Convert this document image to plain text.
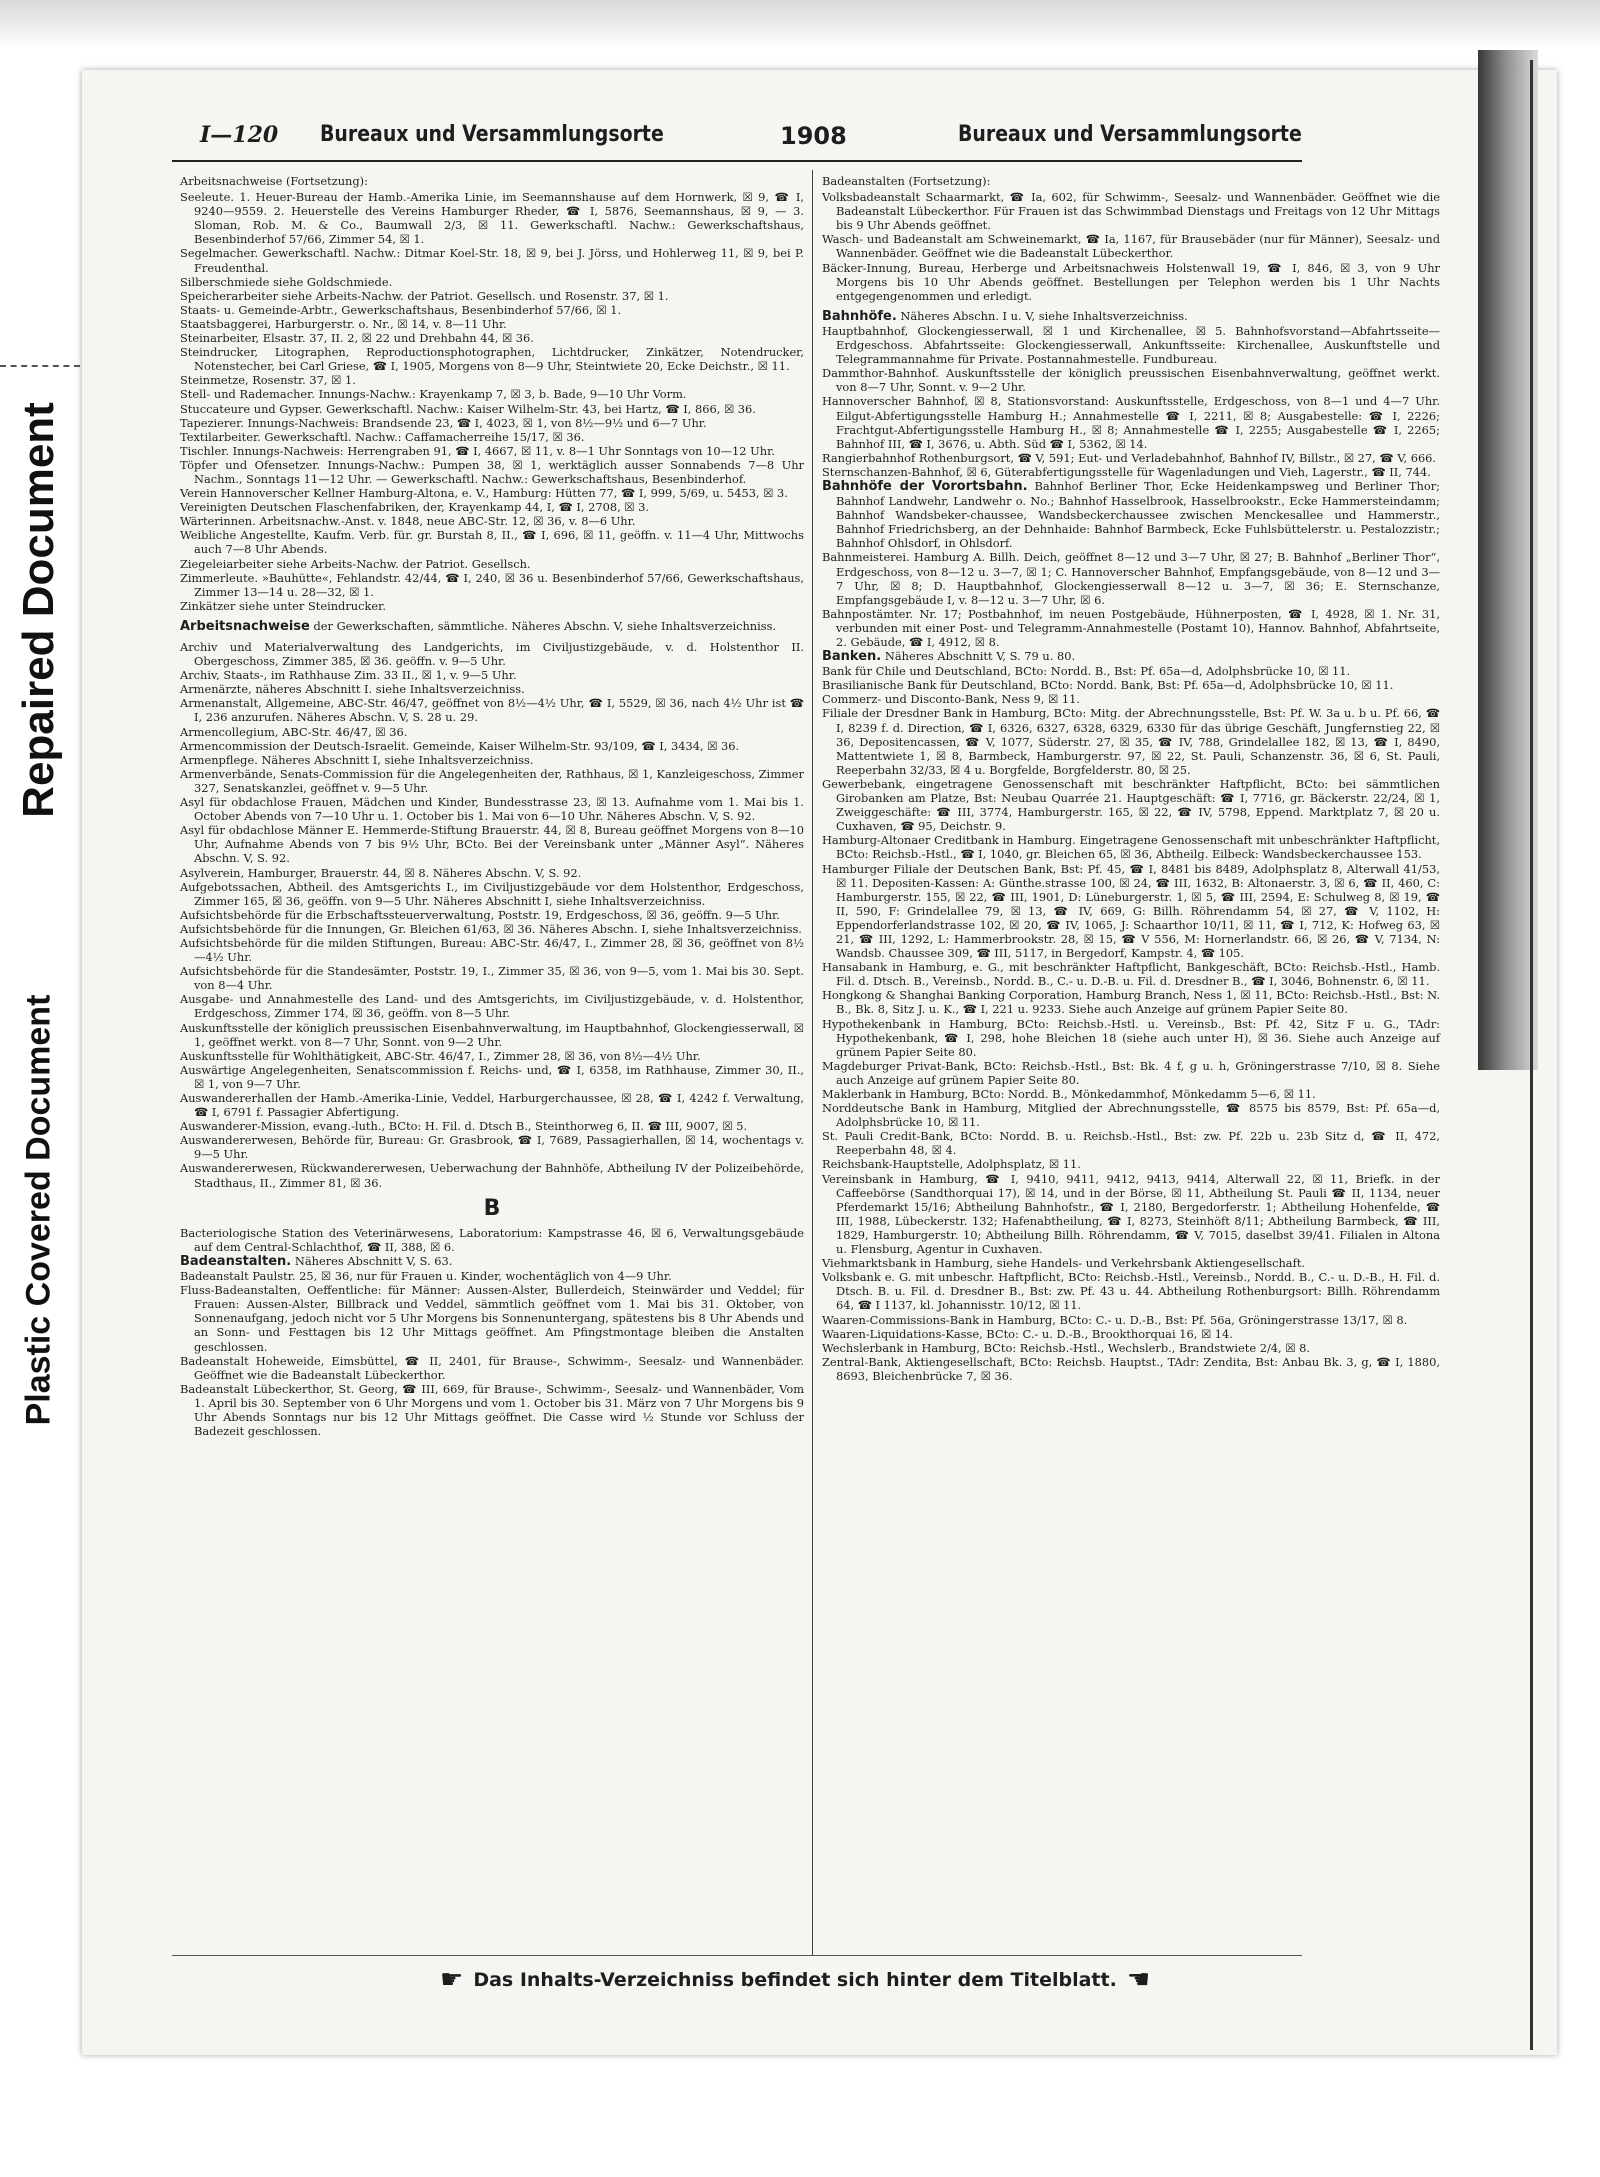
Plastic Covered Document
Repaired Document
I—120 Bureaux und Versammlungsorte	1908	Bureaux und Versammlungsorte

Arbeitsnachweise (Fortsetzung):

Seeleute. 1. Heuer-Bureau der Hamb.-Amerika Linie, im Seemannshause auf dem Hornwerk, ☒ 9, ☎ I, 9240—9559. 2. Heuerstelle des Vereins Hamburger Rheder, ☎ I, 5876, Seemannshaus, ☒ 9, — 3. Sloman, Rob. M. & Co., Baumwall 2/3, ☒ 11. Gewerkschaftl. Nachw.: Gewerkschaftshaus, Besenbinderhof 57/66, Zimmer 54, ☒ 1.

Segelmacher. Gewerkschaftl. Nachw.: Ditmar Koel-Str. 18, ☒ 9, bei J. Jörss, und Hohlerweg 11, ☒ 9, bei P. Freudenthal.

Silberschmiede siehe Goldschmiede.

Speicherarbeiter siehe Arbeits-Nachw. der Patriot. Gesellsch. und Rosenstr. 37, ☒ 1.

Staats- u. Gemeinde-Arbtr., Gewerkschaftshaus, Besenbinderhof 57/66, ☒ 1.

Staatsbaggerei, Harburgerstr. o. Nr., ☒ 14, v. 8—11 Uhr.

Steinarbeiter, Elsastr. 37, II. 2, ☒ 22 und Drehbahn 44, ☒ 36.

Steindrucker, Litographen, Reproductionsphotographen, Lichtdrucker, Zinkätzer, Notendrucker, Notenstecher, bei Carl Griese, ☎ I, 1905, Morgens von 8—9 Uhr, Steintwiete 20, Ecke Deichstr., ☒ 11.

Steinmetze, Rosenstr. 37, ☒ 1.

Stell- und Rademacher. Innungs-Nachw.: Krayenkamp 7, ☒ 3, b. Bade, 9—10 Uhr Vorm.

Stuccateure und Gypser. Gewerkschaftl. Nachw.: Kaiser Wilhelm-Str. 43, bei Hartz, ☎ I, 866, ☒ 36.

Tapezierer. Innungs-Nachweis: Brandsende 23, ☎ I, 4023, ☒ 1, von 8½—9½ und 6—7 Uhr.

Textilarbeiter. Gewerkschaftl. Nachw.: Caffamacherreihe 15/17, ☒ 36.

Tischler. Innungs-Nachweis: Herrengraben 91, ☎ I, 4667, ☒ 11, v. 8—1 Uhr Sonntags von 10—12 Uhr.

Töpfer und Ofensetzer. Innungs-Nachw.: Pumpen 38, ☒ 1, werktäglich ausser Sonnabends 7—8 Uhr Nachm., Sonntags 11—12 Uhr. — Gewerkschaftl. Nachw.: Gewerkschaftshaus, Besenbinderhof.

Verein Hannoverscher Kellner Hamburg-Altona, e. V., Hamburg: Hütten 77, ☎ I, 999, 5/69, u. 5453, ☒ 3.

Vereinigten Deutschen Flaschenfabriken, der, Krayenkamp 44, I, ☎ I, 2708, ☒ 3.

Wärterinnen. Arbeitsnachw.-Anst. v. 1848, neue ABC-Str. 12, ☒ 36, v. 8—6 Uhr.

Weibliche Angestellte, Kaufm. Verb. für. gr. Burstah 8, II., ☎ I, 696, ☒ 11, geöffn. v. 11—4 Uhr, Mittwochs auch 7—8 Uhr Abends.

Ziegeleiarbeiter siehe Arbeits-Nachw. der Patriot. Gesellsch.

Zimmerleute. »Bauhütte«, Fehlandstr. 42/44, ☎ I, 240, ☒ 36 u. Besenbinderhof 57/66, Gewerkschaftshaus, Zimmer 13—14 u. 28—32, ☒ 1.

Zinkätzer siehe unter Steindrucker.

Arbeitsnachweise der Gewerkschaften, sämmtliche. Näheres Abschn. V, siehe Inhaltsverzeichniss.

Archiv und Materialverwaltung des Landgerichts, im Civiljustizgebäude, v. d. Holstenthor II. Obergeschoss, Zimmer 385, ☒ 36. geöffn. v. 9—5 Uhr.

Archiv, Staats-, im Rathhause Zim. 33 II., ☒ 1, v. 9—5 Uhr.

Armenärzte, näheres Abschnitt I. siehe Inhaltsverzeichniss.

Armenanstalt, Allgemeine, ABC-Str. 46/47, geöffnet von 8½—4½ Uhr, ☎ I, 5529, ☒ 36, nach 4½ Uhr ist ☎ I, 236 anzurufen. Näheres Abschn. V, S. 28 u. 29.

Armencollegium, ABC-Str. 46/47, ☒ 36.

Armencommission der Deutsch-Israelit. Gemeinde, Kaiser Wilhelm-Str. 93/109, ☎ I, 3434, ☒ 36.

Armenpflege. Näheres Abschnitt I, siehe Inhaltsverzeichniss.

Armenverbände, Senats-Commission für die Angelegenheiten der, Rathhaus, ☒ 1, Kanzleigeschoss, Zimmer 327, Senatskanzlei, geöffnet v. 9—5 Uhr.

Asyl für obdachlose Frauen, Mädchen und Kinder, Bundesstrasse 23, ☒ 13. Aufnahme vom 1. Mai bis 1. October Abends von 7—10 Uhr u. 1. October bis 1. Mai von 6—10 Uhr. Näheres Abschn. V, S. 92.

Asyl für obdachlose Männer E. Hemmerde-Stiftung Brauerstr. 44, ☒ 8, Bureau geöffnet Morgens von 8—10 Uhr, Aufnahme Abends von 7 bis 9½ Uhr, BCto. Bei der Vereinsbank unter „Männer Asyl“. Näheres Abschn. V, S. 92.

Asylverein, Hamburger, Brauerstr. 44, ☒ 8. Näheres Abschn. V, S. 92.

Aufgebotssachen, Abtheil. des Amtsgerichts I., im Civiljustizgebäude vor dem Holstenthor, Erdgeschoss, Zimmer 165, ☒ 36, geöffn. von 9—5 Uhr. Näheres Abschnitt I, siehe Inhaltsverzeichniss.

Aufsichtsbehörde für die Erbschaftssteuerverwaltung, Poststr. 19, Erdgeschoss, ☒ 36, geöffn. 9—5 Uhr.

Aufsichtsbehörde für die Innungen, Gr. Bleichen 61/63, ☒ 36. Näheres Abschn. I, siehe Inhaltsverzeichniss.

Aufsichtsbehörde für die milden Stiftungen, Bureau: ABC-Str. 46/47, I., Zimmer 28, ☒ 36, geöffnet von 8½—4½ Uhr.

Aufsichtsbehörde für die Standesämter, Poststr. 19, I., Zimmer 35, ☒ 36, von 9—5, vom 1. Mai bis 30. Sept. von 8—4 Uhr.

Ausgabe- und Annahmestelle des Land- und des Amtsgerichts, im Civiljustizgebäude, v. d. Holstenthor, Erdgeschoss, Zimmer 174, ☒ 36, geöffn. von 8—5 Uhr.

Auskunftsstelle der königlich preussischen Eisenbahnverwaltung, im Hauptbahnhof, Glockengiesserwall, ☒ 1, geöffnet werkt. von 8—7 Uhr, Sonnt. von 9—2 Uhr.

Auskunftsstelle für Wohlthätigkeit, ABC-Str. 46/47, I., Zimmer 28, ☒ 36, von 8½—4½ Uhr.

Auswärtige Angelegenheiten, Senatscommission f. Reichs- und, ☎ I, 6358, im Rathhause, Zimmer 30, II., ☒ 1, von 9—7 Uhr.

Auswandererhallen der Hamb.-Amerika-Linie, Veddel, Harburgerchaussee, ☒ 28, ☎ I, 4242 f. Verwaltung, ☎ I, 6791 f. Passagier Abfertigung.

Auswanderer-Mission, evang.-luth., BCto: H. Fil. d. Dtsch B., Steinthorweg 6, II. ☎ III, 9007, ☒ 5.

Auswandererwesen, Behörde für, Bureau: Gr. Grasbrook, ☎ I, 7689, Passagierhallen, ☒ 14, wochentags v. 9—5 Uhr.

Auswandererwesen, Rückwandererwesen, Ueberwachung der Bahnhöfe, Abtheilung IV der Polizeibehörde, Stadthaus, II., Zimmer 81, ☒ 36.

B

Bacteriologische Station des Veterinärwesens, Laboratorium: Kampstrasse 46, ☒ 6, Verwaltungsgebäude auf dem Central-Schlachthof, ☎ II, 388, ☒ 6.

Badeanstalten. Näheres Abschnitt V, S. 63.

Badeanstalt Paulstr. 25, ☒ 36, nur für Frauen u. Kinder, wochentäglich von 4—9 Uhr.

Fluss-Badeanstalten, Oeffentliche: für Männer: Aussen-Alster, Bullerdeich, Steinwärder und Veddel; für Frauen: Aussen-Alster, Billbrack und Veddel, sämmtlich geöffnet vom 1. Mai bis 31. Oktober, von Sonnenaufgang, jedoch nicht vor 5 Uhr Morgens bis Sonnenuntergang, spätestens bis 8 Uhr Abends und an Sonn- und Festtagen bis 12 Uhr Mittags geöffnet. Am Pfingstmontage bleiben die Anstalten geschlossen.

Badeanstalt Hoheweide, Eimsbüttel, ☎ II, 2401, für Brause-, Schwimm-, Seesalz- und Wannenbäder. Geöffnet wie die Badeanstalt Lübeckerthor.

Badeanstalt Lübeckerthor, St. Georg, ☎ III, 669, für Brause-, Schwimm-, Seesalz- und Wannenbäder, Vom 1. April bis 30. September von 6 Uhr Morgens und vom 1. October bis 31. März von 7 Uhr Morgens bis 9 Uhr Abends Sonntags nur bis 12 Uhr Mittags geöffnet. Die Casse wird ½ Stunde vor Schluss der Badezeit geschlossen.

Badeanstalten (Fortsetzung):

Volksbadeanstalt Schaarmarkt, ☎ Ia, 602, für Schwimm-, Seesalz- und Wannenbäder. Geöffnet wie die Badeanstalt Lübeckerthor. Für Frauen ist das Schwimmbad Dienstags und Freitags von 12 Uhr Mittags bis 9 Uhr Abends geöffnet.

Wasch- und Badeanstalt am Schweinemarkt, ☎ Ia, 1167, für Brausebäder (nur für Männer), Seesalz- und Wannenbäder. Geöffnet wie die Badeanstalt Lübeckerthor.

Bäcker-Innung, Bureau, Herberge und Arbeitsnachweis Holstenwall 19, ☎ I, 846, ☒ 3, von 9 Uhr Morgens bis 10 Uhr Abends geöffnet. Bestellungen per Telephon werden bis 1 Uhr Nachts entgegengenommen und erledigt.

Bahnhöfe. Näheres Abschn. I u. V, siehe Inhaltsverzeichniss.

Hauptbahnhof, Glockengiesserwall, ☒ 1 und Kirchenallee, ☒ 5. Bahnhofsvorstand—Abfahrtsseite—Erdgeschoss. Abfahrtsseite: Glockengiesserwall, Ankunftsseite: Kirchenallee, Auskunftstelle und Telegrammannahme für Private. Postannahmestelle. Fundbureau.

Dammthor-Bahnhof. Auskunftsstelle der königlich preussischen Eisenbahnverwaltung, geöffnet werkt. von 8—7 Uhr, Sonnt. v. 9—2 Uhr.

Hannoverscher Bahnhof, ☒ 8, Stationsvorstand: Auskunftsstelle, Erdgeschoss, von 8—1 und 4—7 Uhr. Eilgut-Abfertigungsstelle Hamburg H.; Annahmestelle ☎ I, 2211, ☒ 8; Ausgabestelle: ☎ I, 2226; Frachtgut-Abfertigungsstelle Hamburg H., ☒ 8; Annahmestelle ☎ I, 2255; Ausgabestelle ☎ I, 2265; Bahnhof III, ☎ I, 3676, u. Abth. Süd ☎ I, 5362, ☒ 14.

Rangierbahnhof Rothenburgsort, ☎ V, 591; Eut- und Verladebahnhof, Bahnhof IV, Billstr., ☒ 27, ☎ V, 666.

Sternschanzen-Bahnhof, ☒ 6, Güterabfertigungsstelle für Wagenladungen und Vieh, Lagerstr., ☎ II, 744.

Bahnhöfe der Vorortsbahn. Bahnhof Berliner Thor, Ecke Heidenkampsweg und Berliner Thor; Bahnhof Landwehr, Landwehr o. No.; Bahnhof Hasselbrook, Hasselbrookstr., Ecke Hammersteindamm; Bahnhof Wandsbeker-chaussee, Wandsbeckerchaussee zwischen Menckesallee und Hammerstr., Bahnhof Friedrichsberg, an der Dehnhaide: Bahnhof Barmbeck, Ecke Fuhlsbüttelerstr. u. Pestalozzistr.; Bahnhof Ohlsdorf, in Ohlsdorf.

Bahnmeisterei. Hamburg A. Billh. Deich, geöffnet 8—12 und 3—7 Uhr, ☒ 27; B. Bahnhof „Berliner Thor“, Erdgeschoss, von 8—12 u. 3—7, ☒ 1; C. Hannoverscher Bahnhof, Empfangsgebäude, von 8—12 und 3—7 Uhr, ☒ 8; D. Hauptbahnhof, Glockengiesserwall 8—12 u. 3—7, ☒ 36; E. Sternschanze, Empfangsgebäude I, v. 8—12 u. 3—7 Uhr, ☒ 6.

Bahnpostämter. Nr. 17; Postbahnhof, im neuen Postgebäude, Hühnerposten, ☎ I, 4928, ☒ 1. Nr. 31, verbunden mit einer Post- und Telegramm-Annahmestelle (Postamt 10), Hannov. Bahnhof, Abfahrtseite, 2. Gebäude, ☎ I, 4912, ☒ 8.

Banken. Näheres Abschnitt V, S. 79 u. 80.

Bank für Chile und Deutschland, BCto: Nordd. B., Bst: Pf. 65a—d, Adolphsbrücke 10, ☒ 11.

Brasilianische Bank für Deutschland, BCto: Nordd. Bank, Bst: Pf. 65a—d, Adolphsbrücke 10, ☒ 11.

Commerz- und Disconto-Bank, Ness 9, ☒ 11.

Filiale der Dresdner Bank in Hamburg, BCto: Mitg. der Abrechnungsstelle, Bst: Pf. W. 3a u. b u. Pf. 66, ☎ I, 8239 f. d. Direction, ☎ I, 6326, 6327, 6328, 6329, 6330 für das übrige Geschäft, Jungfernstieg 22, ☒ 36, Depositencassen, ☎ V, 1077, Süderstr. 27, ☒ 35, ☎ IV, 788, Grindelallee 182, ☒ 13, ☎ I, 8490, Mattentwiete 1, ☒ 8, Barmbeck, Hamburgerstr. 97, ☒ 22, St. Pauli, Schanzenstr. 36, ☒ 6, St. Pauli, Reeperbahn 32/33, ☒ 4 u. Borgfelde, Borgfelderstr. 80, ☒ 25.

Gewerbebank, eingetragene Genossenschaft mit beschränkter Haftpflicht, BCto: bei sämmtlichen Girobanken am Platze, Bst: Neubau Quarrée 21. Hauptgeschäft: ☎ I, 7716, gr. Bäckerstr. 22/24, ☒ 1, Zweiggeschäfte: ☎ III, 3774, Hamburgerstr. 165, ☒ 22, ☎ IV, 5798, Eppend. Marktplatz 7, ☒ 20 u. Cuxhaven, ☎ 95, Deichstr. 9.

Hamburg-Altonaer Creditbank in Hamburg. Eingetragene Genossenschaft mit unbeschränkter Haftpflicht, BCto: Reichsb.-Hstl., ☎ I, 1040, gr. Bleichen 65, ☒ 36, Abtheilg. Eilbeck: Wandsbeckerchaussee 153.

Hamburger Filiale der Deutschen Bank, Bst: Pf. 45, ☎ I, 8481 bis 8489, Adolphsplatz 8, Alterwall 41/53, ☒ 11. Depositen-Kassen: A: Günthe.strasse 100, ☒ 24, ☎ III, 1632, B: Altonaerstr. 3, ☒ 6, ☎ II, 460, C: Hamburgerstr. 155, ☒ 22, ☎ III, 1901, D: Lüneburgerstr. 1, ☒ 5, ☎ III, 2594, E: Schulweg 8, ☒ 19, ☎ II, 590, F: Grindelallee 79, ☒ 13, ☎ IV, 669, G: Billh. Röhrendamm 54, ☒ 27, ☎ V, 1102, H: Eppendorferlandstrasse 102, ☒ 20, ☎ IV, 1065, J: Schaarthor 10/11, ☒ 11, ☎ I, 712, K: Hofweg 63, ☒ 21, ☎ III, 1292, L: Hammerbrookstr. 28, ☒ 15, ☎ V 556, M: Hornerlandstr. 66, ☒ 26, ☎ V, 7134, N: Wandsb. Chaussee 309, ☎ III, 5117, in Bergedorf, Kampstr. 4, ☎ 105.

Hansabank in Hamburg, e. G., mit beschränkter Haftpflicht, Bankgeschäft, BCto: Reichsb.-Hstl., Hamb. Fil. d. Dtsch. B., Vereinsb., Nordd. B., C.- u. D.-B. u. Fil. d. Dresdner B., ☎ I, 3046, Bohnenstr. 6, ☒ 11.

Hongkong & Shanghai Banking Corporation, Hamburg Branch, Ness 1, ☒ 11, BCto: Reichsb.-Hstl., Bst: N. B., Bk. 8, Sitz J. u. K., ☎ I, 221 u. 9233. Siehe auch Anzeige auf grünem Papier Seite 80.

Hypothekenbank in Hamburg, BCto: Reichsb.-Hstl. u. Vereinsb., Bst: Pf. 42, Sitz F u. G., TAdr: Hypothekenbank, ☎ I, 298, hohe Bleichen 18 (siehe auch unter H), ☒ 36. Siehe auch Anzeige auf grünem Papier Seite 80.

Magdeburger Privat-Bank, BCto: Reichsb.-Hstl., Bst: Bk. 4 f, g u. h, Gröningerstrasse 7/10, ☒ 8. Siehe auch Anzeige auf grünem Papier Seite 80.

Maklerbank in Hamburg, BCto: Nordd. B., Mönkedammhof, Mönkedamm 5—6, ☒ 11.

Norddeutsche Bank in Hamburg, Mitglied der Abrechnungsstelle, ☎ 8575 bis 8579, Bst: Pf. 65a—d, Adolphsbrücke 10, ☒ 11.

St. Pauli Credit-Bank, BCto: Nordd. B. u. Reichsb.-Hstl., Bst: zw. Pf. 22b u. 23b Sitz d, ☎ II, 472, Reeperbahn 48, ☒ 4.

Reichsbank-Hauptstelle, Adolphsplatz, ☒ 11.

Vereinsbank in Hamburg, ☎ I, 9410, 9411, 9412, 9413, 9414, Alterwall 22, ☒ 11, Briefk. in der Caffeebörse (Sandthorquai 17), ☒ 14, und in der Börse, ☒ 11, Abtheilung St. Pauli ☎ II, 1134, neuer Pferdemarkt 15/16; Abtheilung Bahnhofstr., ☎ I, 2180, Bergedorferstr. 1; Abtheilung Hohenfelde, ☎ III, 1988, Lübeckerstr. 132; Hafenabtheilung, ☎ I, 8273, Steinhöft 8/11; Abtheilung Barmbeck, ☎ III, 1829, Hamburgerstr. 10; Abtheilung Billh. Röhrendamm, ☎ V, 7015, daselbst 39/41. Filialen in Altona u. Flensburg, Agentur in Cuxhaven.

Viehmarktsbank in Hamburg, siehe Handels- und Verkehrsbank Aktiengesellschaft.

Volksbank e. G. mit unbeschr. Haftpflicht, BCto: Reichsb.-Hstl., Vereinsb., Nordd. B., C.- u. D.-B., H. Fil. d. Dtsch. B. u. Fil. d. Dresdner B., Bst: zw. Pf. 43 u. 44. Abtheilung Rothenburgsort: Billh. Röhrendamm 64, ☎ I 1137, kl. Johannisstr. 10/12, ☒ 11.

Waaren-Commissions-Bank in Hamburg, BCto: C.- u. D.-B., Bst: Pf. 56a, Gröningerstrasse 13/17, ☒ 8.

Waaren-Liquidations-Kasse, BCto: C.- u. D.-B., Brookthorquai 16, ☒ 14.

Wechslerbank in Hamburg, BCto: Reichsb.-Hstl., Wechslerb., Brandstwiete 2/4, ☒ 8.

Zentral-Bank, Aktiengesellschaft, BCto: Reichsb. Hauptst., TAdr: Zendita, Bst: Anbau Bk. 3, g, ☎ I, 1880, 8693, Bleichenbrücke 7, ☒ 36.

☛ Das Inhalts-Verzeichniss befindet sich hinter dem Titelblatt. ☚
